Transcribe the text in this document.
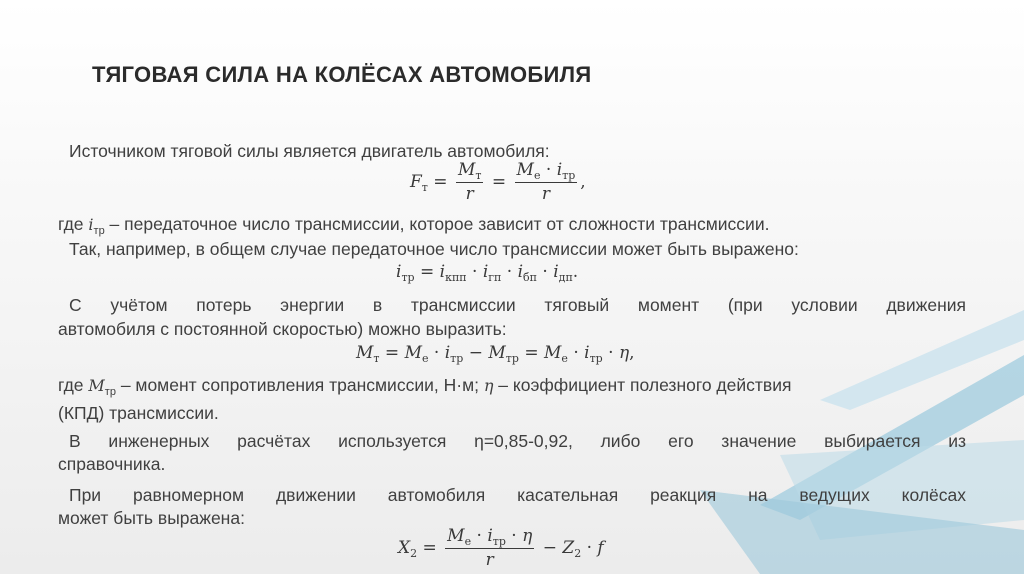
ТЯГОВАЯ СИЛА НА КОЛЁСАХ АВТОМОБИЛЯ
Источником тяговой силы является двигатель автомобиля:
$F_т = \frac{M_т}{r} = \frac{M_e \cdot i_{тр}}{r}$ ,
где $i_{тр}$ – передаточное число трансмиссии, которое зависит от сложности трансмиссии.
Так, например, в общем случае передаточное число трансмиссии может быть выражено:
$i_{тр} = i_{кпп} \cdot i_{гп} \cdot i_{бп} \cdot i_{дп}$.
С учётом потерь энергии в трансмиссии тяговый момент (при условии движения
автомобиля с постоянной скоростью) можно выразить:
$M_т = M_e \cdot i_{тр} - M_{тр} = M_e \cdot i_{тр} \cdot \eta$,
где $M_{тр}$ – момент сопротивления трансмиссии, Н·м; η – коэффициент полезного действия
(КПД) трансмиссии.
В инженерных расчётах используется η=0,85-0,92, либо его значение выбирается из
справочника.
При равномерном движении автомобиля касательная реакция на ведущих колёсах
может быть выражена:
$X_2 = \frac{M_e \cdot i_{тр} \cdot \eta}{r} - Z_2 \cdot f$
